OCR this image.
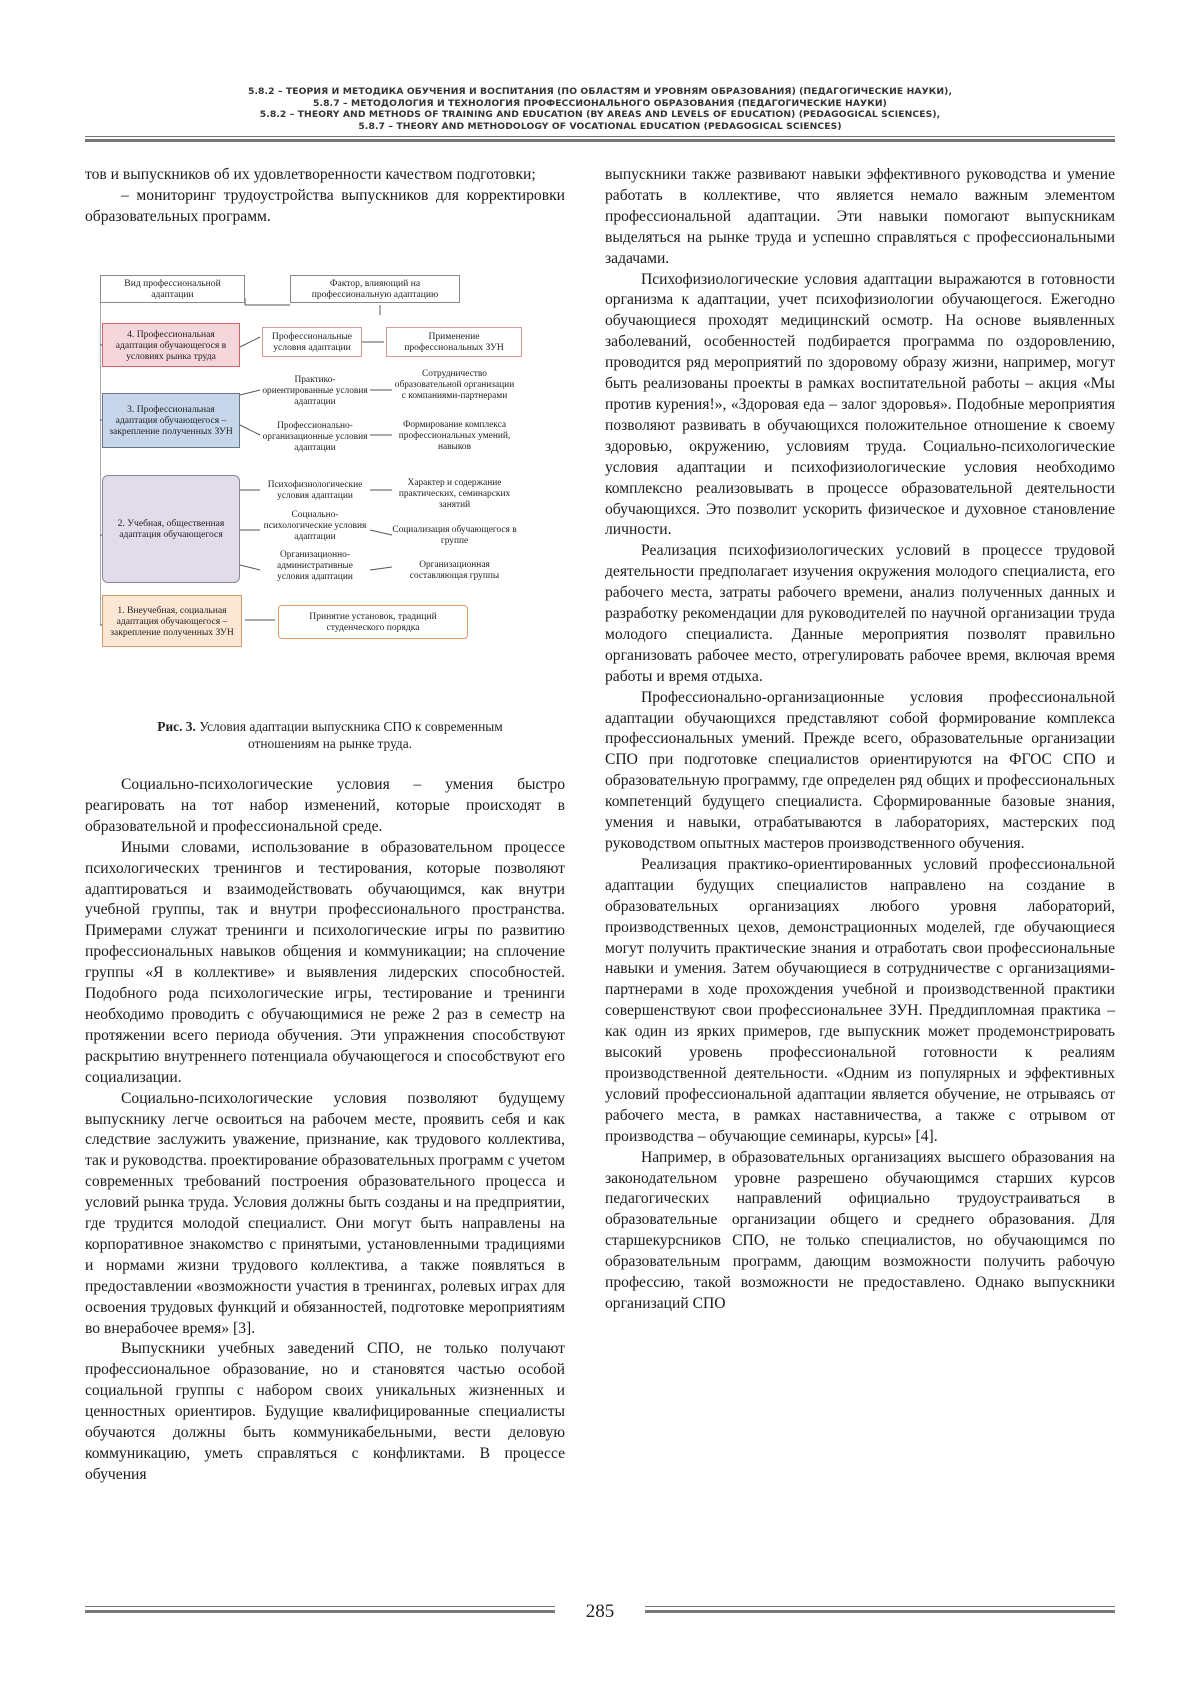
5.8.2 – ТЕОРИЯ И МЕТОДИКА ОБУЧЕНИЯ И ВОСПИТАНИЯ (ПО ОБЛАСТЯМ И УРОВНЯМ ОБРАЗОВАНИЯ) (ПЕДАГОГИЧЕСКИЕ НАУКИ),
5.8.7 – МЕТОДОЛОГИЯ И ТЕХНОЛОГИЯ ПРОФЕССИОНАЛЬНОГО ОБРАЗОВАНИЯ (ПЕДАГОГИЧЕСКИЕ НАУКИ)
5.8.2 – THEORY AND METHODS OF TRAINING AND EDUCATION (BY AREAS AND LEVELS OF EDUCATION) (PEDAGOGICAL SCIENCES),
5.8.7 – THEORY AND METHODOLOGY OF VOCATIONAL EDUCATION (PEDAGOGICAL SCIENCES)

тов и выпускников об их удовлетворенности качеством подготовки;

– мониторинг трудоустройства выпускников для корректировки образовательных программ.

Вид профессиональной адаптации
Фактор, влияющий на профессиональную адаптацию
4. Профессиональная адаптация обучающегося в условиях рынка труда
Профессиональные условия адаптации
Применение профессиональных ЗУН
3. Профессиональная адаптация обучающегося – закрепление полученных ЗУН
Практико-ориентированные условия адаптации
Сотрудничество образовательной организации с компаниями-партнерами
Профессионально-организационные условия адаптации
Формирование комплекса профессиональных умений, навыков
2. Учебная, общественная адаптация обучающегося
Психофизиологические условия адаптации
Характер и содержание практических, семинарских занятий
Социально-психологические условия адаптации
Социализация обучающегося в группе
Организационно-административные условия адаптации
Организационная составляющая группы
1. Внеучебная, социальная адаптация обучающегося – закрепление полученных ЗУН
Принятие установок, традиций студенческого порядка
Рис. 3. Условия адаптации выпускника СПО к современным отношениям на рынке труда.

Социально-психологические условия – умения быстро реагировать на тот набор изменений, которые происходят в образовательной и профессиональной среде.

Иными словами, использование в образовательном процессе психологических тренингов и тестирования, которые позволяют адаптироваться и взаимодействовать обучающимся, как внутри учебной группы, так и внутри профессионального пространства. Примерами служат тренинги и психологические игры по развитию профессиональных навыков общения и коммуникации; на сплочение группы «Я в коллективе» и выявления лидерских способностей. Подобного рода психологические игры, тестирование и тренинги необходимо проводить с обучающимися не реже 2 раз в семестр на протяжении всего периода обучения. Эти упражнения способствуют раскрытию внутреннего потенциала обучающегося и способствуют его социализации.

Социально-психологические условия позволяют будущему выпускнику легче освоиться на рабочем месте, проявить себя и как следствие заслужить уважение, признание, как трудового коллектива, так и руководства. проектирование образовательных программ с учетом современных требований построения образовательного процесса и условий рынка труда. Условия должны быть созданы и на предприятии, где трудится молодой специалист. Они могут быть направлены на корпоративное знакомство с принятыми, установленными традициями и нормами жизни трудового коллектива, а также появляться в предоставлении «возможности участия в тренингах, ролевых играх для освоения трудовых функций и обязанностей, подготовке мероприятиям во внерабочее время» [3].

Выпускники учебных заведений СПО, не только получают профессиональное образование, но и становятся частью особой социальной группы с набором своих уникальных жизненных и ценностных ориентиров. Будущие квалифицированные специалисты обучаются должны быть коммуникабельными, вести деловую коммуникацию, уметь справляться с конфликтами. В процессе обучения

выпускники также развивают навыки эффективного руководства и умение работать в коллективе, что является немало важным элементом профессиональной адаптации. Эти навыки помогают выпускникам выделяться на рынке труда и успешно справляться с профессиональными задачами.

Психофизиологические условия адаптации выражаются в готовности организма к адаптации, учет психофизиологии обучающегося. Ежегодно обучающиеся проходят медицинский осмотр. На основе выявленных заболеваний, особенностей подбирается программа по оздоровлению, проводится ряд мероприятий по здоровому образу жизни, например, могут быть реализованы проекты в рамках воспитательной работы – акция «Мы против курения!», «Здоровая еда – залог здоровья». Подобные мероприятия позволяют развивать в обучающихся положительное отношение к своему здоровью, окружению, условиям труда. Социально-психологические условия адаптации и психофизиологические условия необходимо комплексно реализовывать в процессе образовательной деятельности обучающихся. Это позволит ускорить физическое и духовное становление личности.

Реализация психофизиологических условий в процессе трудовой деятельности предполагает изучения окружения молодого специалиста, его рабочего места, затраты рабочего времени, анализ полученных данных и разработку рекомендации для руководителей по научной организации труда молодого специалиста. Данные мероприятия позволят правильно организовать рабочее место, отрегулировать рабочее время, включая время работы и время отдыха.

Профессионально-организационные условия профессиональной адаптации обучающихся представляют собой формирование комплекса профессиональных умений. Прежде всего, образовательные организации СПО при подготовке специалистов ориентируются на ФГОС СПО и образовательную программу, где определен ряд общих и профессиональных компетенций будущего специалиста. Сформированные базовые знания, умения и навыки, отрабатываются в лабораториях, мастерских под руководством опытных мастеров производственного обучения.

Реализация практико-ориентированных условий профессиональной адаптации будущих специалистов направлено на создание в образовательных организациях любого уровня лабораторий, производственных цехов, демонстрационных моделей, где обучающиеся могут получить практические знания и отработать свои профессиональные навыки и умения. Затем обучающиеся в сотрудничестве с организациями-партнерами в ходе прохождения учебной и производственной практики совершенствуют свои профессиональнее ЗУН. Преддипломная практика – как один из ярких примеров, где выпускник может продемонстрировать высокий уровень профессиональной готовности к реалиям производственной деятельности. «Одним из популярных и эффективных условий профессиональной адаптации является обучение, не отрываясь от рабочего места, в рамках наставничества, а также с отрывом от производства – обучающие семинары, курсы» [4].

Например, в образовательных организациях высшего образования на законодательном уровне разрешено обучающимся старших курсов педагогических направлений официально трудоустраиваться в образовательные организации общего и среднего образования. Для старшекурсников СПО, не только специалистов, но обучающимся по образовательным программ, дающим возможности получить рабочую профессию, такой возможности не предоставлено. Однако выпускники организаций СПО

285
